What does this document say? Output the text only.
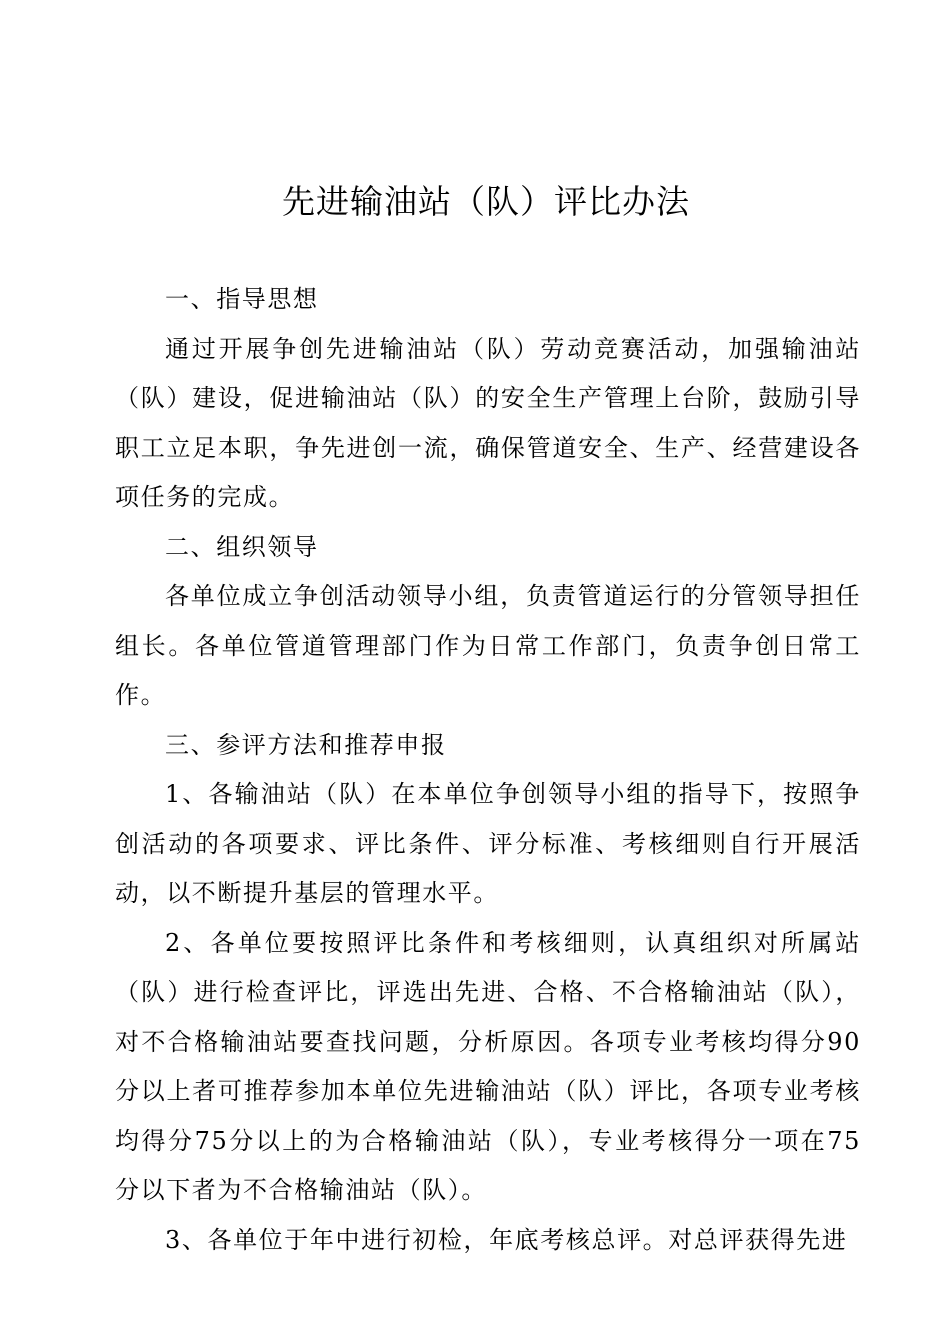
先进输油站（队）评比办法

一、指导思想

通过开展争创先进输油站（队）劳动竞赛活动，加强输油站（队）建设，促进输油站（队）的安全生产管理上台阶，鼓励引导职工立足本职，争先进创一流，确保管道安全、生产、经营建设各项任务的完成。

二、组织领导

各单位成立争创活动领导小组，负责管道运行的分管领导担任组长。各单位管道管理部门作为日常工作部门，负责争创日常工作。

三、参评方法和推荐申报

1、各输油站（队）在本单位争创领导小组的指导下，按照争创活动的各项要求、评比条件、评分标准、考核细则自行开展活动，以不断提升基层的管理水平。

2、各单位要按照评比条件和考核细则，认真组织对所属站（队）进行检查评比，评选出先进、合格、不合格输油站（队），对不合格输油站要查找问题，分析原因。各项专业考核均得分90分以上者可推荐参加本单位先进输油站（队）评比，各项专业考核均得分75分以上的为合格输油站（队），专业考核得分一项在75分以下者为不合格输油站（队）。

3、各单位于年中进行初检，年底考核总评。对总评获得先进
